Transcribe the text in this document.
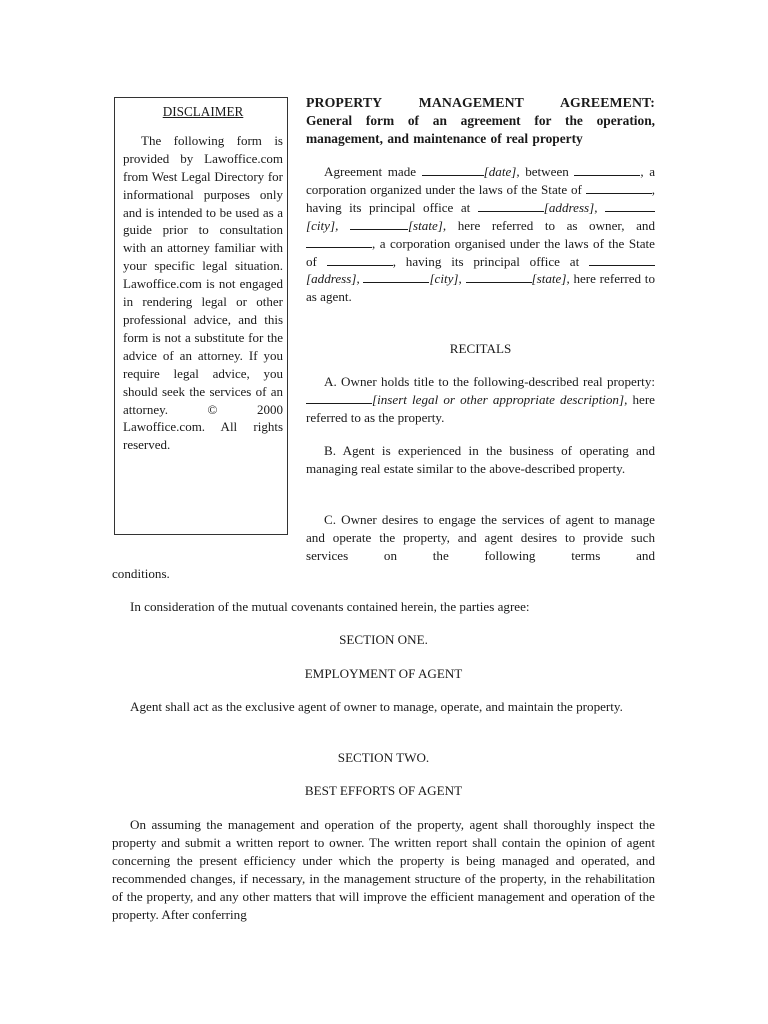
DISCLAIMER

The following form is provided by Lawoffice.com from West Legal Directory for informational purposes only and is intended to be used as a guide prior to consultation with an attorney familiar with your specific legal situation. Lawoffice.com is not engaged in rendering legal or other professional advice, and this form is not a substitute for the advice of an attorney. If you require legal advice, you should seek the services of an attorney. © 2000 Lawoffice.com. All rights reserved.

PROPERTY MANAGEMENT AGREEMENT:

General form of an agreement for the operation, management, and maintenance of real property

Agreement made	[date], between	, a corporation organized under the laws of the State of	, having its principal office at	[address], [city],	[state], here referred to as owner, and , a corporation organised under the laws of the State of	, having its principal office at [address],	[city],	[state], here referred to as agent.

RECITALS

A. Owner holds title to the following-described real property: [insert legal or other appropriate description], here referred to as the property.

B. Agent is experienced in the business of operating and managing real estate similar to the above-described property.

C. Owner desires to engage the services of agent to manage and operate the property, and agent desires to provide such services on the following terms and

conditions.

In consideration of the mutual covenants contained herein, the parties agree:

SECTION ONE.

EMPLOYMENT OF AGENT

Agent shall act as the exclusive agent of owner to manage, operate, and maintain the property.

SECTION TWO.

BEST EFFORTS OF AGENT

On assuming the management and operation of the property, agent shall thoroughly inspect the property and submit a written report to owner. The written report shall contain the opinion of agent concerning the present efficiency under which the property is being managed and operated, and recommended changes, if necessary, in the management structure of the property, in the rehabilitation of the property, and any other matters that will improve the efficient management and operation of the property. After conferring
